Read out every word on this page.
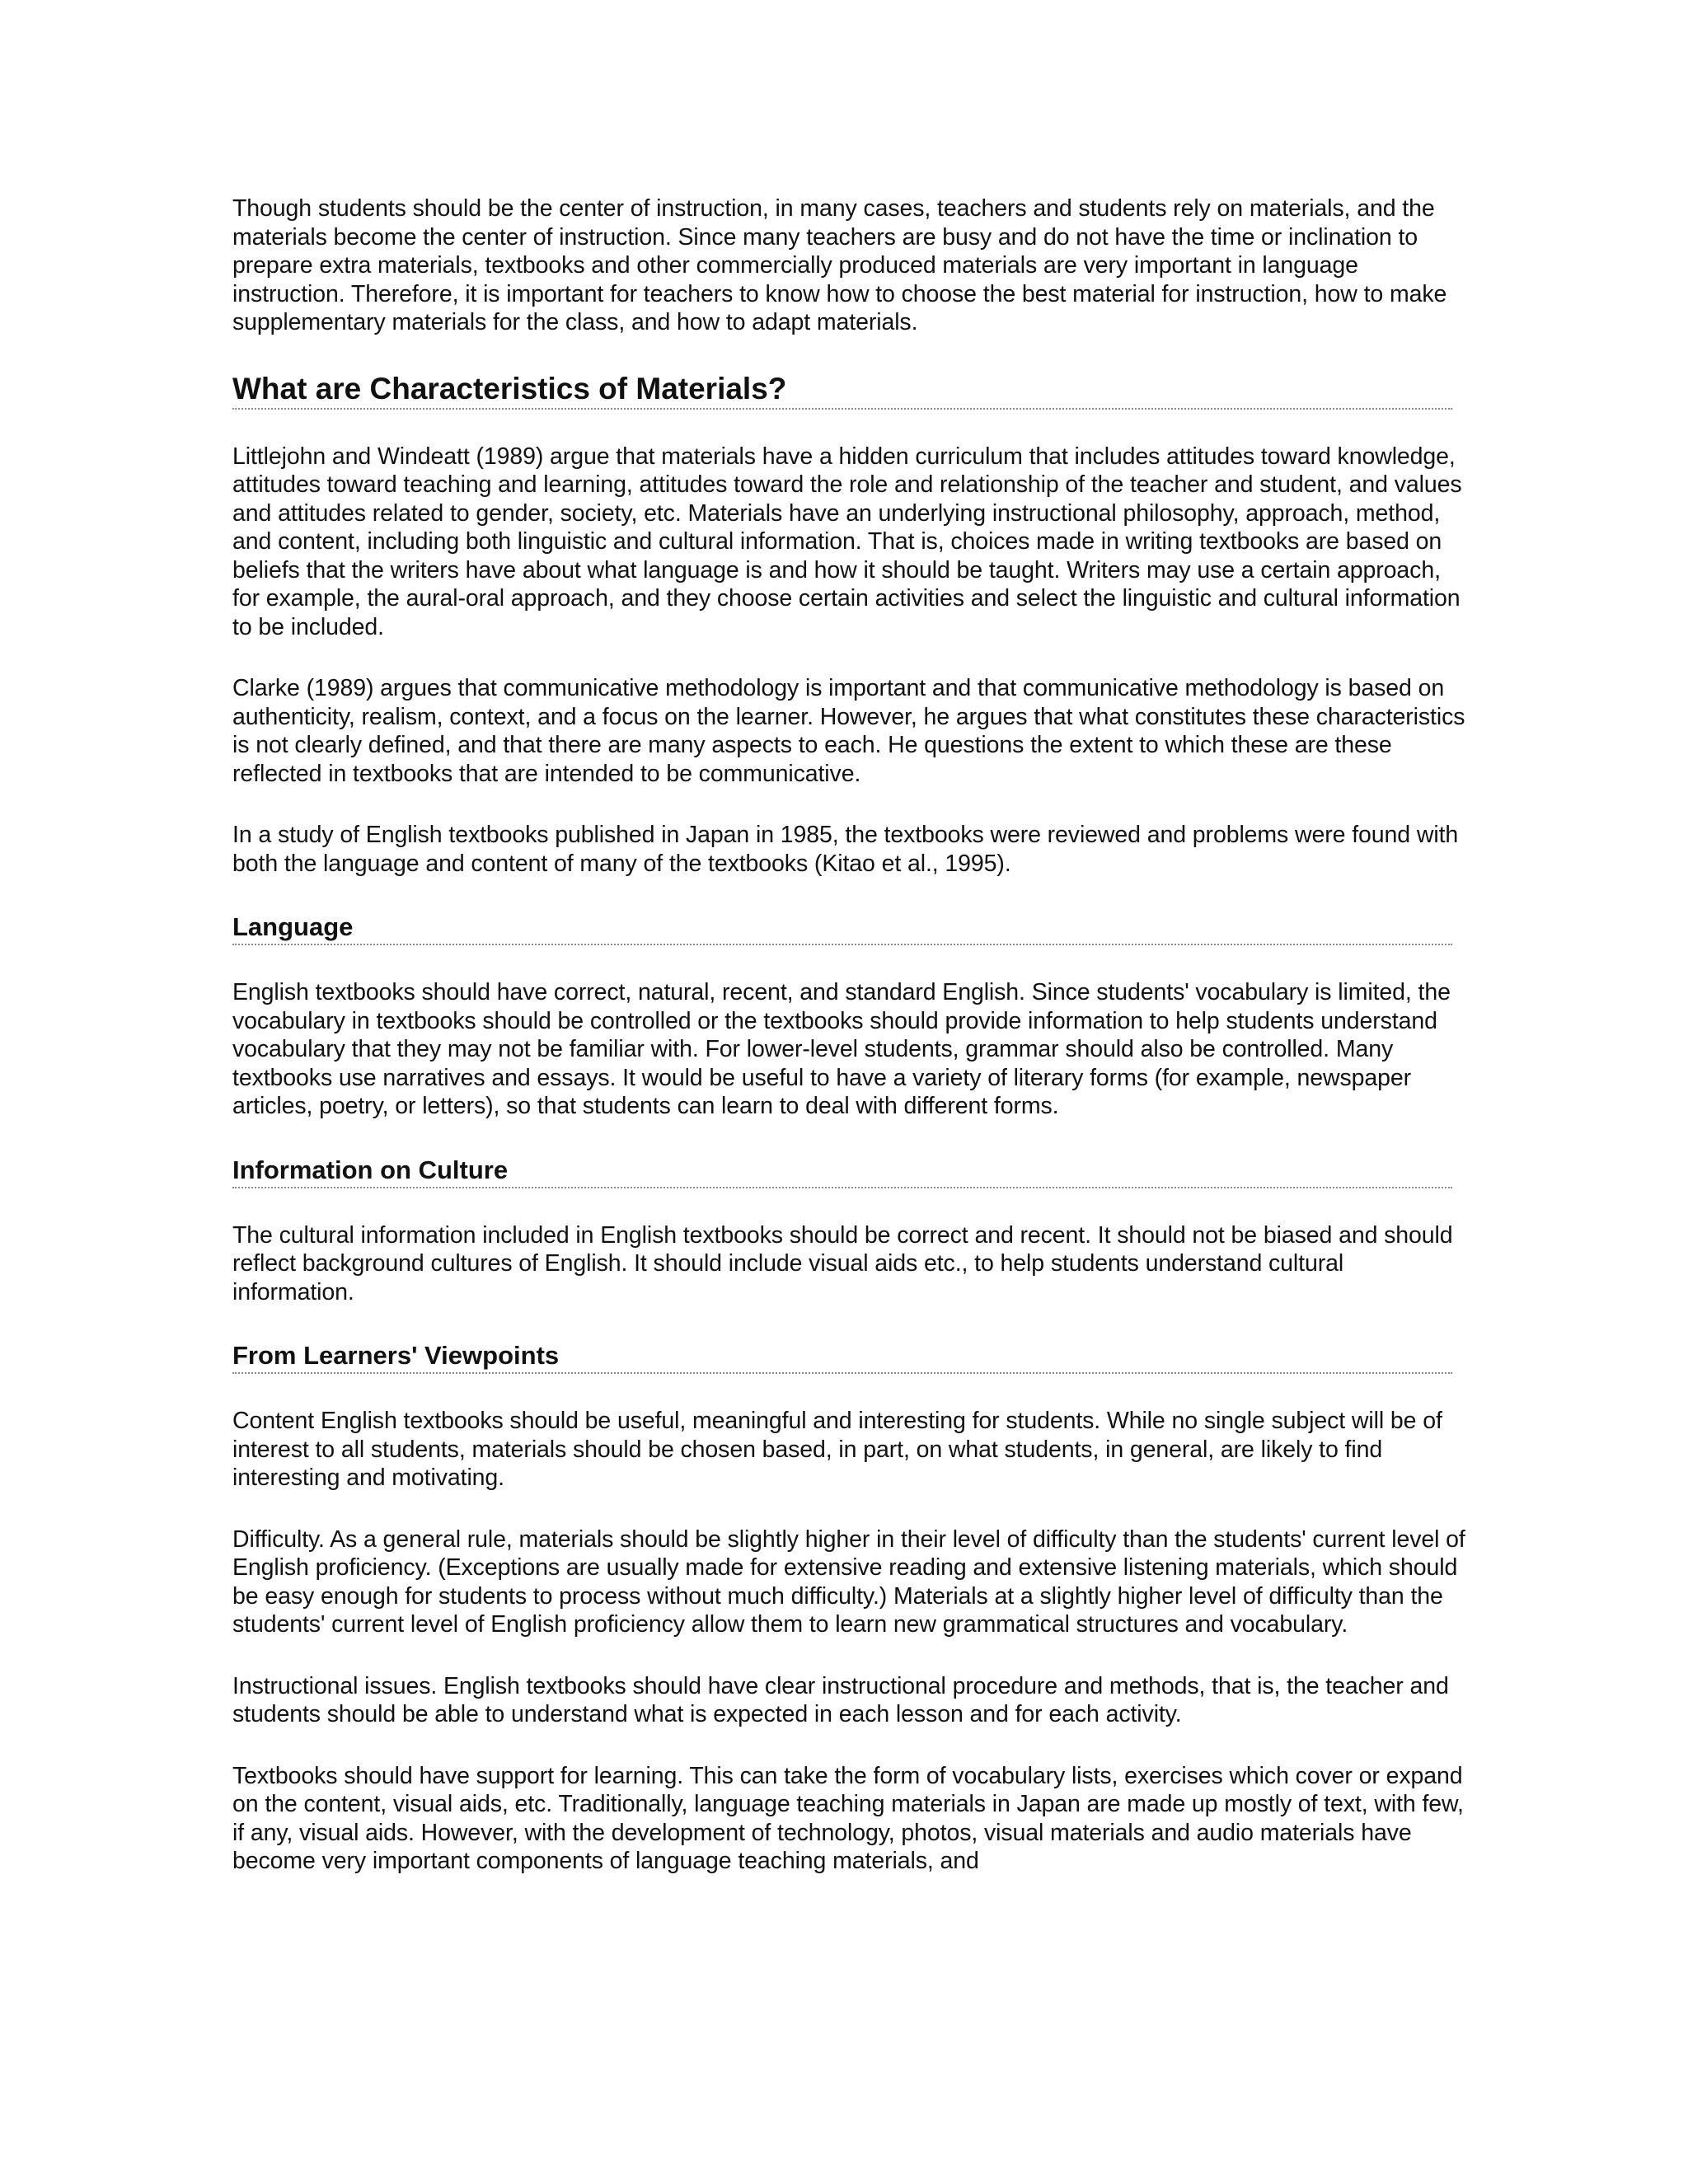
Though students should be the center of instruction, in many cases, teachers and students rely on materials, and the materials become the center of instruction. Since many teachers are busy and do not have the time or inclination to prepare extra materials, textbooks and other commercially produced materials are very important in language instruction. Therefore, it is important for teachers to know how to choose the best material for instruction, how to make supplementary materials for the class, and how to adapt materials.

What are Characteristics of Materials?

Littlejohn and Windeatt (1989) argue that materials have a hidden curriculum that includes attitudes toward knowledge, attitudes toward teaching and learning, attitudes toward the role and relationship of the teacher and student, and values and attitudes related to gender, society, etc. Materials have an underlying instructional philosophy, approach, method, and content, including both linguistic and cultural information. That is, choices made in writing textbooks are based on beliefs that the writers have about what language is and how it should be taught. Writers may use a certain approach, for example, the aural-oral approach, and they choose certain activities and select the linguistic and cultural information to be included.

Clarke (1989) argues that communicative methodology is important and that communicative methodology is based on authenticity, realism, context, and a focus on the learner. However, he argues that what constitutes these characteristics is not clearly defined, and that there are many aspects to each. He questions the extent to which these are these reflected in textbooks that are intended to be communicative.

In a study of English textbooks published in Japan in 1985, the textbooks were reviewed and problems were found with both the language and content of many of the textbooks (Kitao et al., 1995).

Language

English textbooks should have correct, natural, recent, and standard English. Since students' vocabulary is limited, the vocabulary in textbooks should be controlled or the textbooks should provide information to help students understand vocabulary that they may not be familiar with. For lower-level students, grammar should also be controlled. Many textbooks use narratives and essays. It would be useful to have a variety of literary forms (for example, newspaper articles, poetry, or letters), so that students can learn to deal with different forms.

Information on Culture

The cultural information included in English textbooks should be correct and recent. It should not be biased and should reflect background cultures of English. It should include visual aids etc., to help students understand cultural information.

From Learners' Viewpoints

Content English textbooks should be useful, meaningful and interesting for students. While no single subject will be of interest to all students, materials should be chosen based, in part, on what students, in general, are likely to find interesting and motivating.

Difficulty. As a general rule, materials should be slightly higher in their level of difficulty than the students' current level of English proficiency. (Exceptions are usually made for extensive reading and extensive listening materials, which should be easy enough for students to process without much difficulty.) Materials at a slightly higher level of difficulty than the students' current level of English proficiency allow them to learn new grammatical structures and vocabulary.

Instructional issues. English textbooks should have clear instructional procedure and methods, that is, the teacher and students should be able to understand what is expected in each lesson and for each activity.

Textbooks should have support for learning. This can take the form of vocabulary lists, exercises which cover or expand on the content, visual aids, etc. Traditionally, language teaching materials in Japan are made up mostly of text, with few, if any, visual aids. However, with the development of technology, photos, visual materials and audio materials have become very important components of language teaching materials, and
